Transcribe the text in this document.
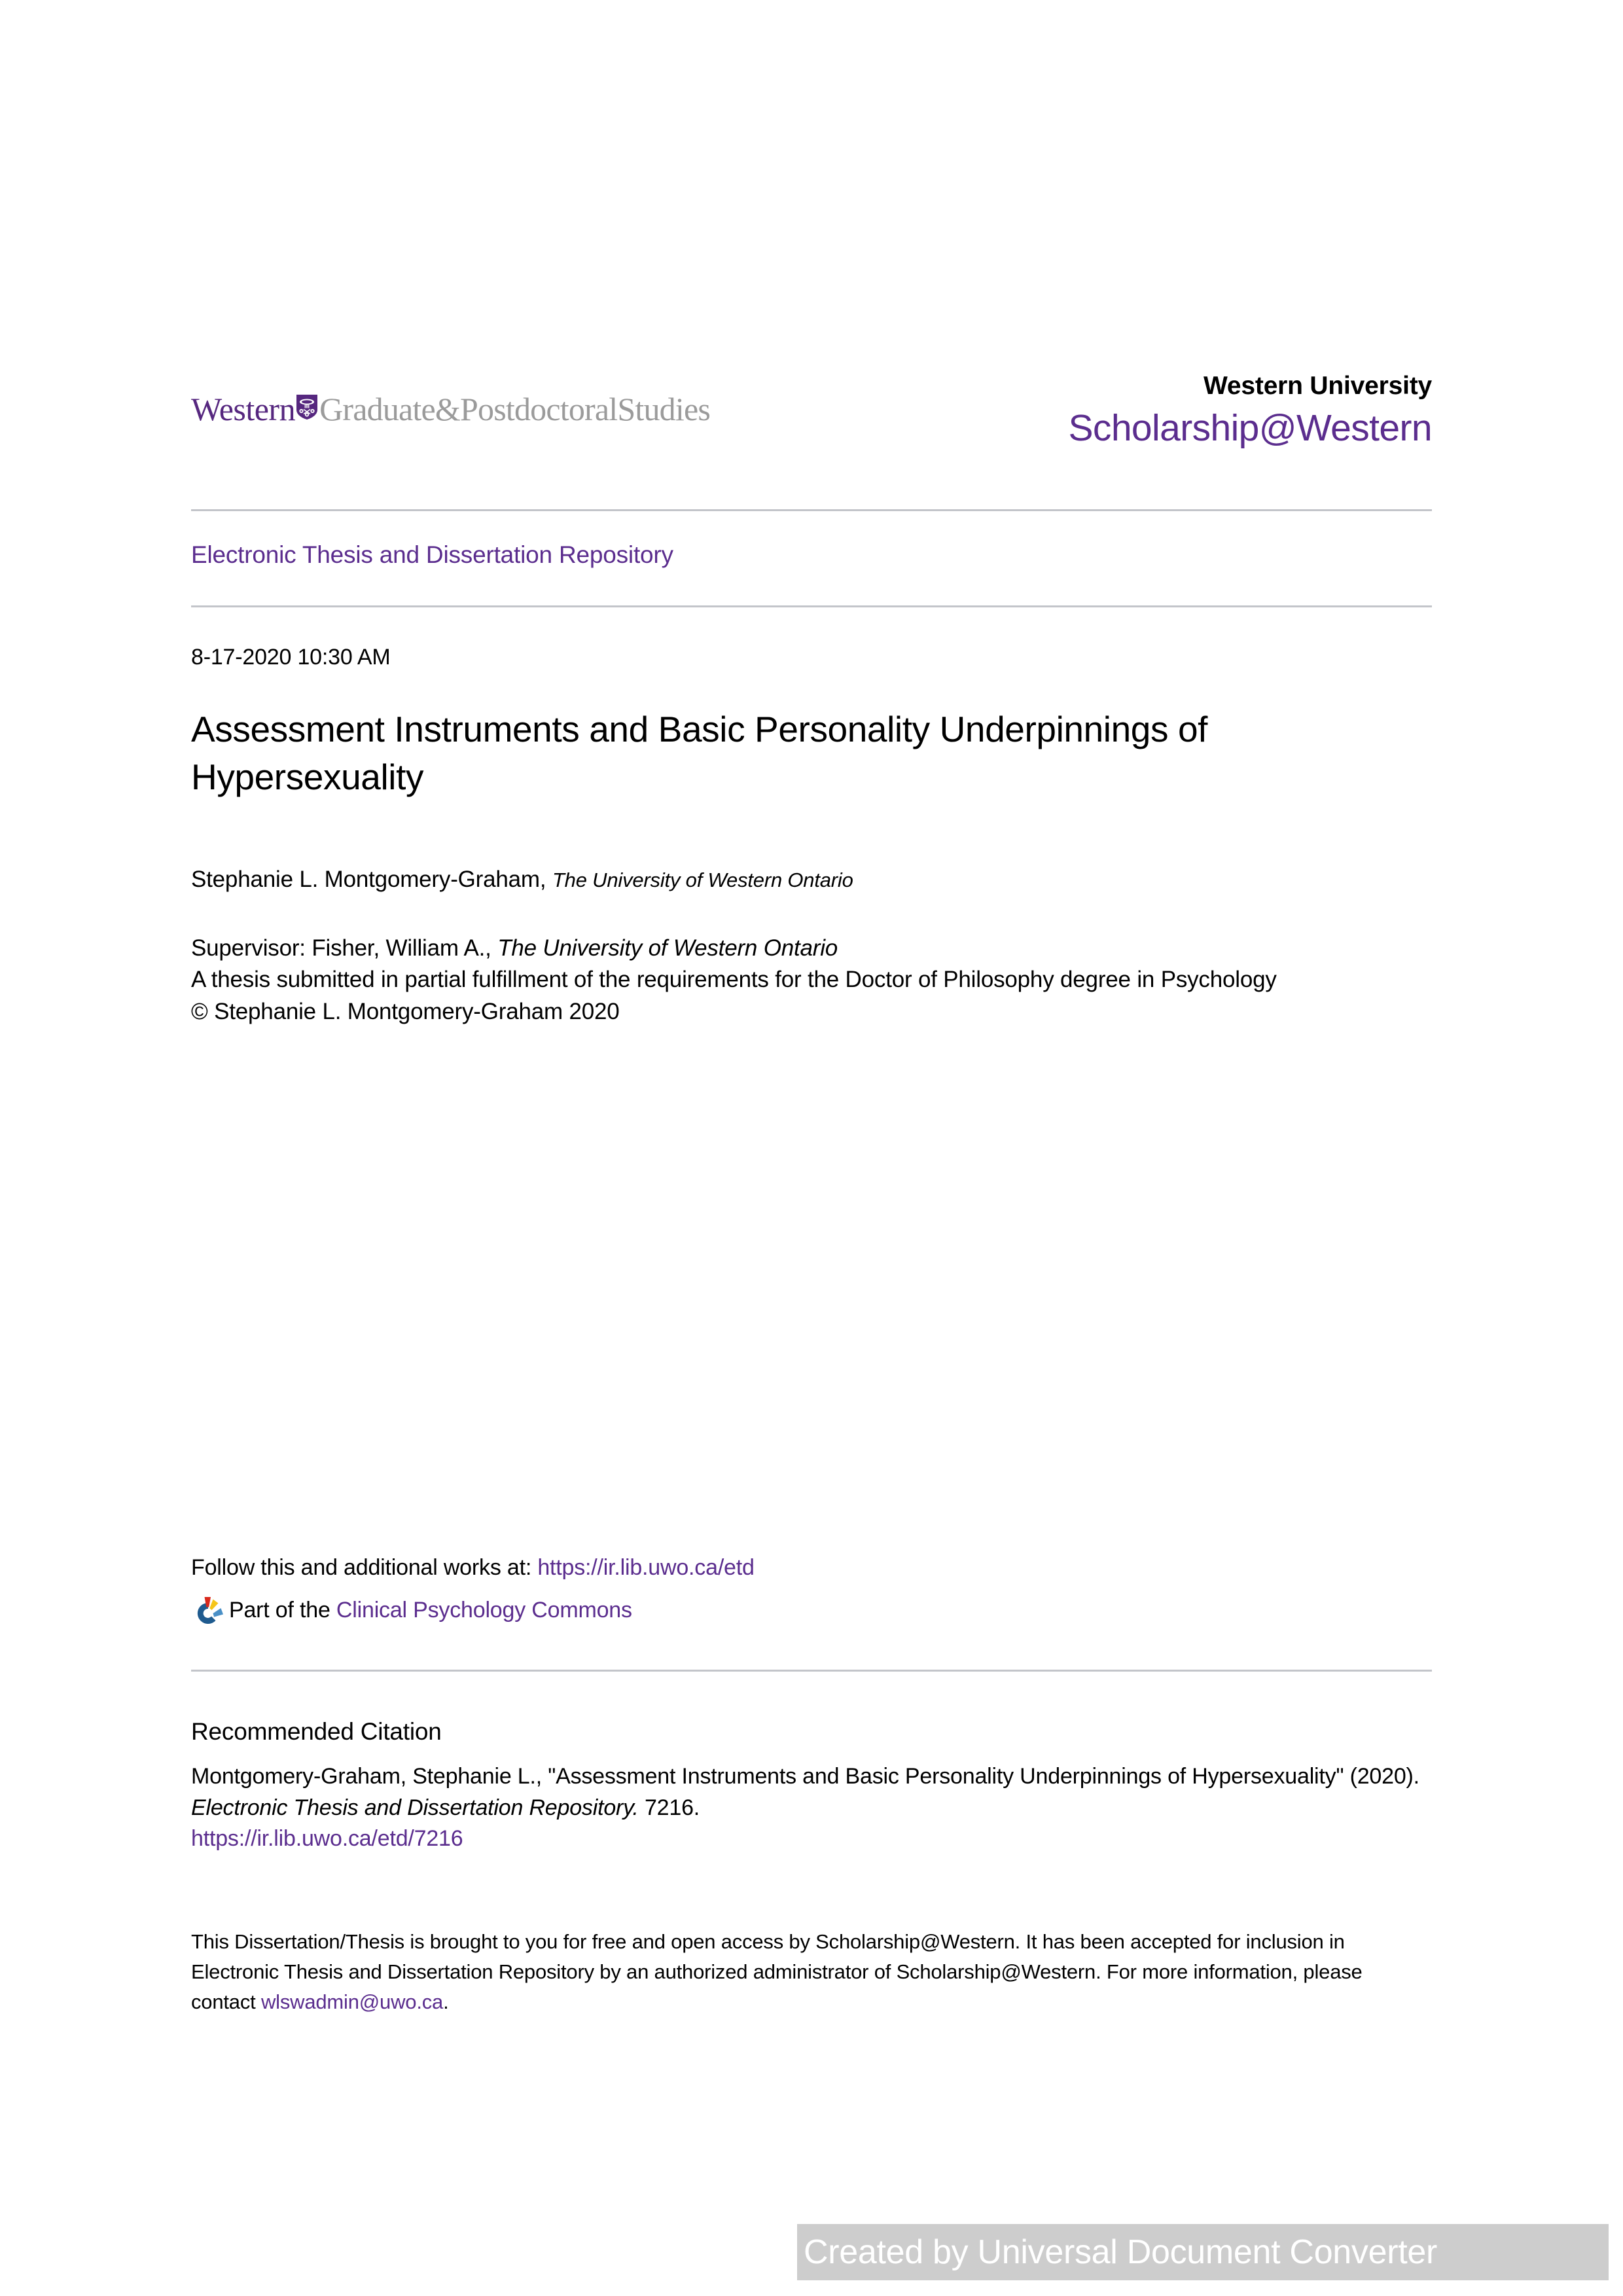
Western Graduate&PostdoctoralStudies
Western University
Scholarship@Western
Electronic Thesis and Dissertation Repository
8-17-2020 10:30 AM
Assessment Instruments and Basic Personality Underpinnings of Hypersexuality
Stephanie L. Montgomery-Graham, The University of Western Ontario
Supervisor: Fisher, William A., The University of Western Ontario
A thesis submitted in partial fulfillment of the requirements for the Doctor of Philosophy degree in Psychology
© Stephanie L. Montgomery-Graham 2020
Follow this and additional works at: https://ir.lib.uwo.ca/etd
Part of the
Clinical Psychology Commons
Recommended Citation
Montgomery-Graham, Stephanie L., "Assessment Instruments and Basic Personality Underpinnings of Hypersexuality" (2020). Electronic Thesis and Dissertation Repository. 7216.
https://ir.lib.uwo.ca/etd/7216
This Dissertation/Thesis is brought to you for free and open access by Scholarship@Western. It has been accepted for inclusion in Electronic Thesis and Dissertation Repository by an authorized administrator of Scholarship@Western. For more information, please contact wlswadmin@uwo.ca.
Created by Universal Document Converter
